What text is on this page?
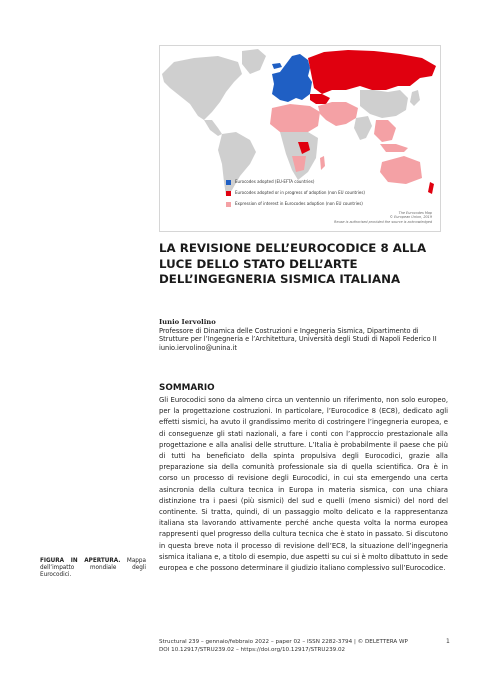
Eurocodes adopted (EU-EFTA countries)
Eurocodes adopted or in progress of adoption (non EU countries)
Expression of interest in Eurocodes adoption (non EU countries)
The Eurocodes Map
© European Union, 2019
Reuse is authorised provided the source is acknowledged
LA REVISIONE DELL’EUROCODICE 8 ALLA LUCE DELLO STATO DELL’ARTE DELL’INGEGNERIA SISMICA ITALIANA
Iunio Iervolino
Professore di Dinamica delle Costruzioni e Ingegneria Sismica, Dipartimento di Strutture per l’Ingegneria e l’Architettura, Università degli Studi di Napoli Federico II
iunio.iervolino@unina.it
SOMMARIO

Gli Eurocodici sono da almeno circa un ventennio un riferimento, non solo europeo, per la progettazione costruzioni. In particolare, l’Eurocodice 8 (EC8), dedicato agli effetti sismici, ha avuto il grandissimo merito di costringere l’ingegneria europea, e di conseguenze gli stati nazionali, a fare i conti con l’approccio prestazionale alla progettazione e alla analisi delle strutture. L’Italia è probabilmente il paese che più di tutti ha beneficiato della spinta propulsiva degli Eurocodici, grazie alla preparazione sia della comunità professionale sia di quella scientifica. Ora è in corso un processo di revisione degli Eurocodici, in cui sta emergendo una certa asincronia della cultura tecnica in Europa in materia sismica, con una chiara distinzione tra i paesi (più sismici) del sud e quelli (meno sismici) del nord del continente. Si tratta, quindi, di un passaggio molto delicato e la rappresentanza italiana sta lavorando attivamente perché anche questa volta la norma europea rappresenti quel progresso della cultura tecnica che è stato in passato. Si discutono in questa breve nota il processo di revisione dell’EC8, la situazione dell’ingegneria sismica italiana e, a titolo di esempio, due aspetti su cui si è molto dibattuto in sede europea e che possono determinare il giudizio italiano complessivo sull’Eurocodice.

FIGURA IN APERTURA. Mappa dell’impatto mondiale degli Eurocodici.
Structural 239 – gennaio/febbraio 2022 – paper 02 – ISSN 2282-3794 | © DELETTERA WP
DOI 10.12917/STRU239.02 – https://doi.org/10.12917/STRU239.02
1
